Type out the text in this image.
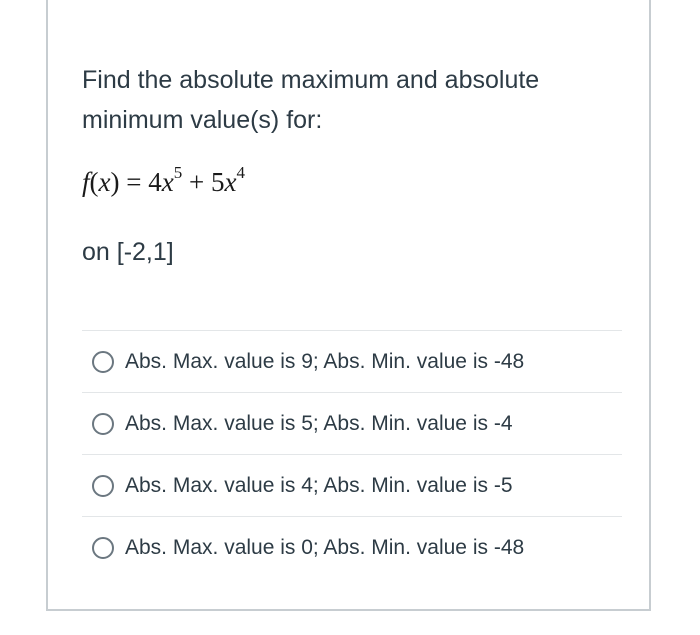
Find the absolute maximum and absolute minimum value(s) for:
$f(x) = 4x^5 + 5x^4$
on [-2,1]
Abs. Max. value is 9; Abs. Min. value is -48
Abs. Max. value is 5; Abs. Min. value is -4
Abs. Max. value is 4; Abs. Min. value is -5
Abs. Max. value is 0; Abs. Min. value is -48
